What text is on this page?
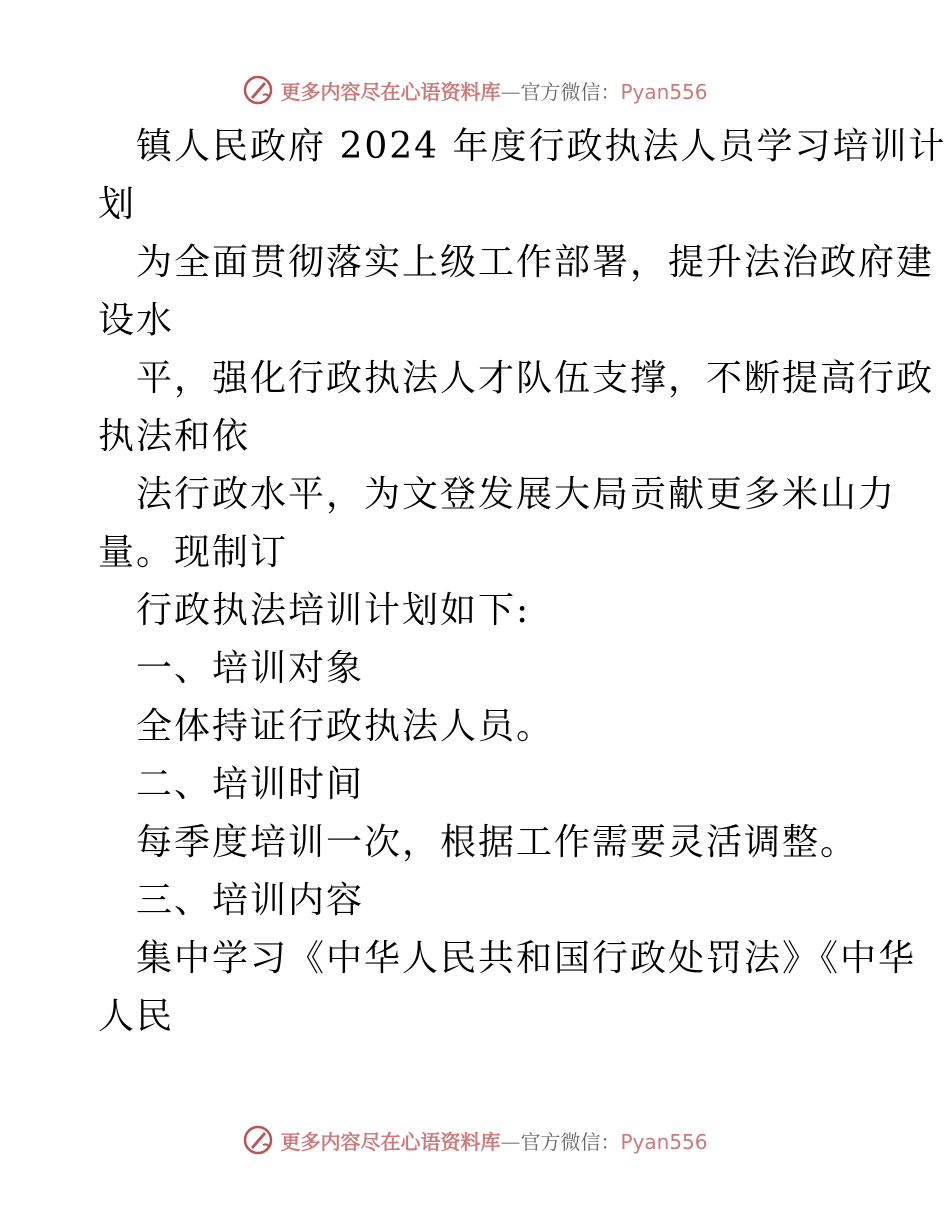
更多内容尽在心语资料库—官方微信：Pyan556
镇人民政府 2024 年度行政执法人员学习培训计
划
为全面贯彻落实上级工作部署，提升法治政府建
设水
平，强化行政执法人才队伍支撑，不断提高行政
执法和依
法行政水平，为文登发展大局贡献更多米山力
量。现制订
行政执法培训计划如下:
一、培训对象
全体持证行政执法人员。
二、培训时间
每季度培训一次，根据工作需要灵活调整。
三、培训内容
集中学习《中华人民共和国行政处罚法》《中华
人民
更多内容尽在心语资料库—官方微信：Pyan556
